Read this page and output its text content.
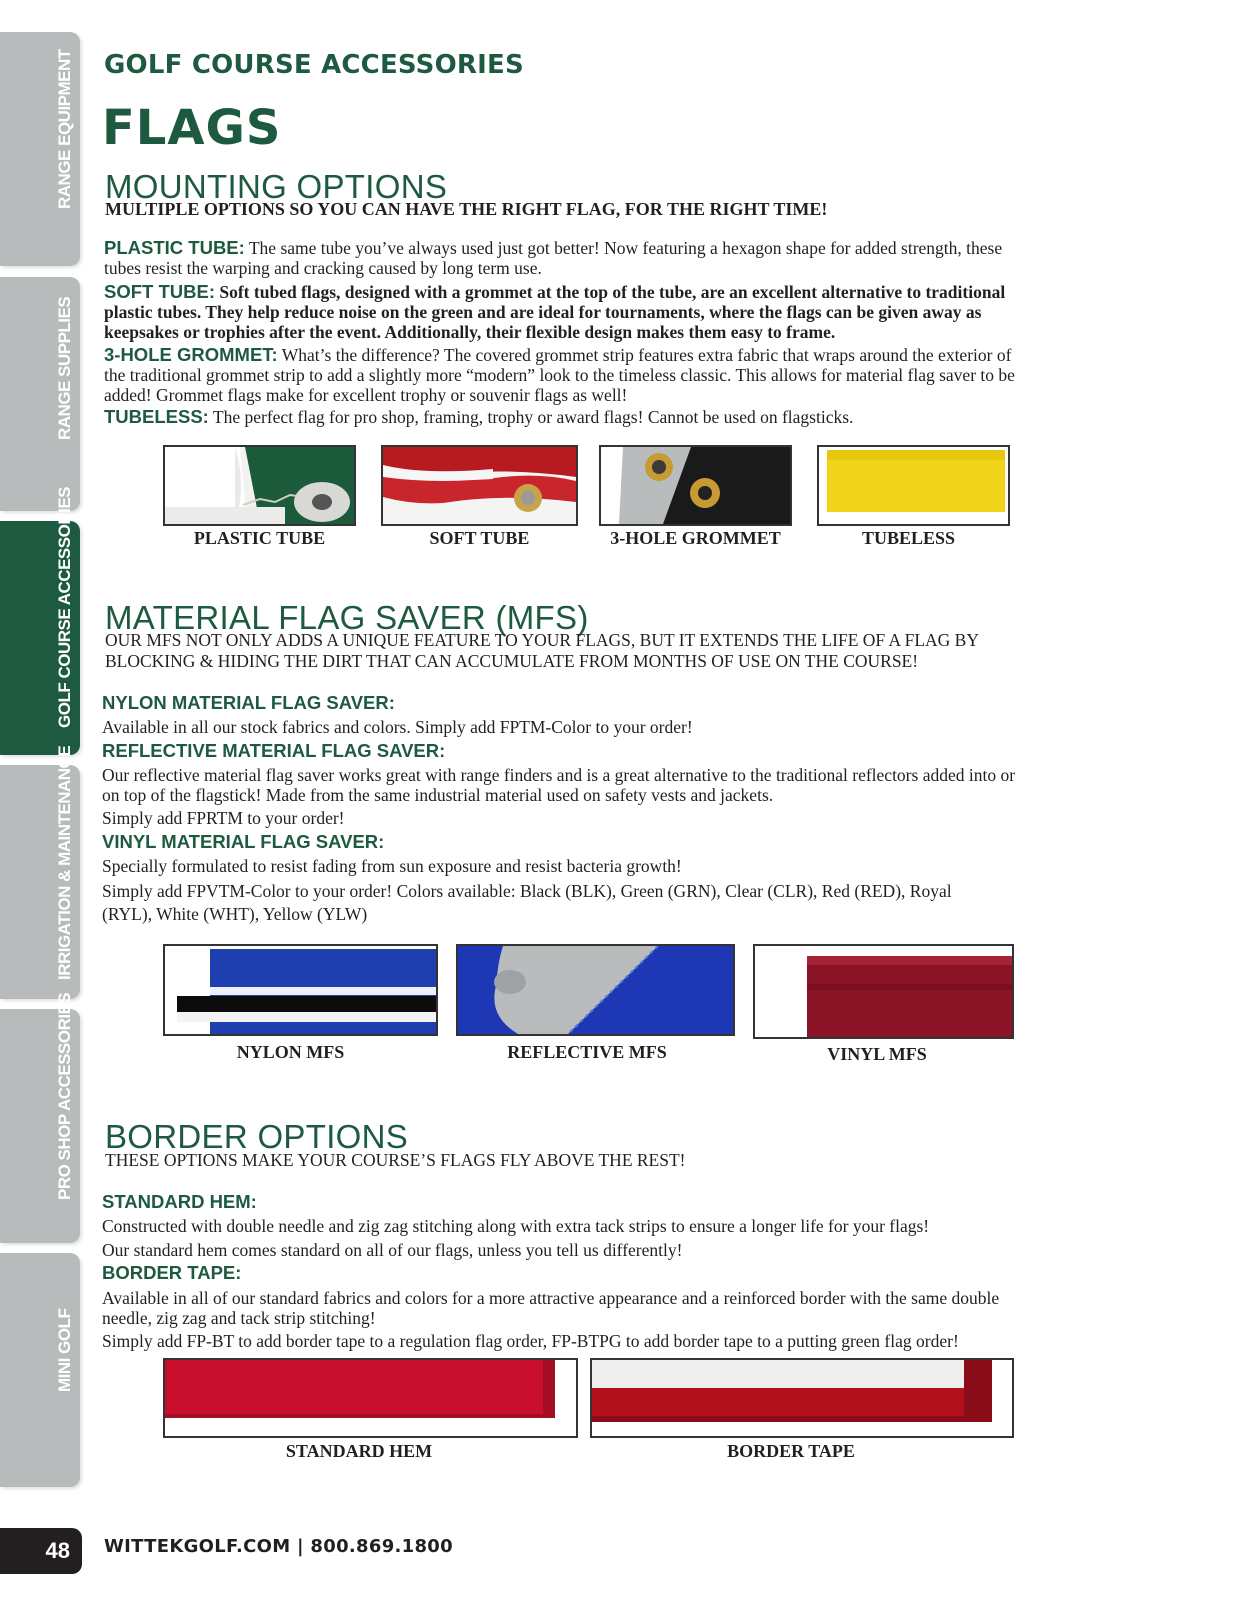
RANGE EQUIPMENT
RANGE SUPPLIES
GOLF COURSE ACCESSORIES
IRRIGATION & MAINTENANCE
PRO SHOP ACCESSORIES
MINI GOLF
GOLF COURSE ACCESSORIES
FLAGS
MOUNTING OPTIONS
MULTIPLE OPTIONS SO YOU CAN HAVE THE RIGHT FLAG, FOR THE RIGHT TIME!
PLASTIC TUBE: The same tube you’ve always used just got better! Now featuring a hexagon shape for added strength, these tubes resist the warping and cracking caused by long term use.
SOFT TUBE: Soft tubed flags, designed with a grommet at the top of the tube, are an excellent alternative to traditional plastic tubes. They help reduce noise on the green and are ideal for tournaments, where the flags can be given away as keepsakes or trophies after the event. Additionally, their flexible design makes them easy to frame.
3-HOLE GROMMET: What’s the difference? The covered grommet strip features extra fabric that wraps around the exterior of the traditional grommet strip to add a slightly more “modern” look to the timeless classic. This allows for material flag saver to be added! Grommet flags make for excellent trophy or souvenir flags as well!
TUBELESS: The perfect flag for pro shop, framing, trophy or award flags! Cannot be used on flagsticks.
PLASTIC TUBE	SOFT TUBE	3-HOLE GROMMET	TUBELESS
MATERIAL FLAG SAVER (MFS)
OUR MFS NOT ONLY ADDS A UNIQUE FEATURE TO YOUR FLAGS, BUT IT EXTENDS THE LIFE OF A FLAG BY BLOCKING & HIDING THE DIRT THAT CAN ACCUMULATE FROM MONTHS OF USE ON THE COURSE!
NYLON MATERIAL FLAG SAVER:
Available in all our stock fabrics and colors. Simply add FPTM-Color to your order!
REFLECTIVE MATERIAL FLAG SAVER:
Our reflective material flag saver works great with range finders and is a great alternative to the traditional reflectors added into or on top of the flagstick! Made from the same industrial material used on safety vests and jackets.
Simply add FPRTM to your order!
VINYL MATERIAL FLAG SAVER:
Specially formulated to resist fading from sun exposure and resist bacteria growth!
Simply add FPVTM-Color to your order! Colors available: Black (BLK), Green (GRN), Clear (CLR), Red (RED), Royal (RYL), White (WHT), Yellow (YLW)
NYLON MFS	REFLECTIVE MFS	VINYL MFS
BORDER OPTIONS
THESE OPTIONS MAKE YOUR COURSE’S FLAGS FLY ABOVE THE REST!
STANDARD HEM:
Constructed with double needle and zig zag stitching along with extra tack strips to ensure a longer life for your flags!
Our standard hem comes standard on all of our flags, unless you tell us differently!
BORDER TAPE:
Available in all of our standard fabrics and colors for a more attractive appearance and a reinforced border with the same double needle, zig zag and tack strip stitching!
Simply add FP-BT to add border tape to a regulation flag order, FP-BTPG to add border tape to a putting green flag order!
STANDARD HEM	BORDER TAPE
48	WITTEKGOLF.COM | 800.869.1800
